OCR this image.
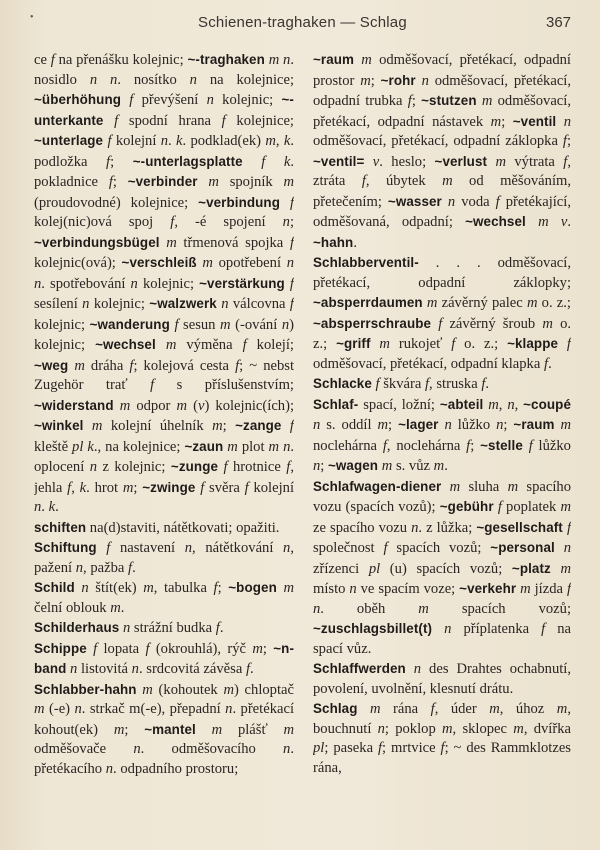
•	Schienen-traghaken — Schlag	367

ce f na přenášku kolejnic; ~-traghaken m n. nosidlo n n. nosítko n na kolejnice; ~überhöhung f převýšení n kolejnic; ~-unterkante f spodní hrana f kolejnice; ~unterlage f kolejní n. k. podklad(ek) m, k. podložka f; ~-unterlagsplatte f k. pokladnice f; ~verbinder m spojník m (proudovodné) kolejnice; ~verbindung f kolej(nic)ová spoj f, -é spojení n; ~verbindungsbügel m třmenová spojka f kolejnic(ová); ~verschleiß m opotřebení n n. spotřebování n kolejnic; ~verstärkung f sesílení n kolejnic; ~walzwerk n válcovna f kolejnic; ~wanderung f sesun m (-ování n) kolejnic; ~wechsel m výměna f kolejí; ~weg m dráha f; kolejová cesta f; ~ nebst Zugehör trať f s příslušenstvím; ~widerstand m odpor m (v) kolejnic(ích); ~winkel m kolejní úhelník m; ~zange f kleště pl k., na kolejnice; ~zaun m plot m n. oplocení n z kolejnic; ~zunge f hrotnice f, jehla f, k. hrot m; ~zwinge f svěra f kolejní n. k.

schiften na(d)staviti, nátětkovati; opažiti.

Schiftung f nastavení n, nátětkování n, pažení n, pažba f.

Schild n štít(ek) m, tabulka f; ~bogen m čelní oblouk m.

Schilderhaus n strážní budka f.

Schippe f lopata f (okrouhlá), rýč m; ~n-band n listovitá n. srdcovitá závěsa f.

Schlabber-hahn m (kohoutek m) chloptač m (-e) n. strkač m(-e), přepadní n. přetékací kohout(ek) m; ~mantel m plášť m odměšovače n. odměšovacího n. přetékacího n. odpadního prostoru;

~raum m odměšovací, přetékací, odpadní prostor m; ~rohr n odměšovací, přetékací, odpadní trubka f; ~stutzen m odměšovací, přetékací, odpadní nástavek m; ~ventil n odměšovací, přetékací, odpadní záklopka f; ~ventil= v. heslo; ~verlust m výtrata f, ztráta f, úbytek m od měšováním, přetečením; ~wasser n voda f přetékající, odměšovaná, odpadní; ~wechsel m v. ~hahn.

Schlabberventil- . . . odměšovací, přetékací, odpadní záklopky; ~absperrdaumen m závěrný palec m o. z.; ~absperrschraube f závěrný šroub m o. z.; ~griff m rukojeť f o. z.; ~klappe f odměšovací, přetékací, odpadní klapka f.

Schlacke f škvára f, struska f.

Schlaf- spací, ložní; ~abteil m, n, ~coupé n s. oddíl m; ~lager n lůžko n; ~raum m noclehárna f, noclehárna f; ~stelle f lůžko n; ~wagen m s. vůz m.

Schlafwagen-diener m sluha m spacího vozu (spacích vozů); ~gebühr f poplatek m ze spacího vozu n. z lůžka; ~gesellschaft f společnost f spacích vozů; ~personal n zřízenci pl (u) spacích vozů; ~platz m místo n ve spacím voze; ~verkehr m jízda f n. oběh m spacích vozů; ~zuschlagsbillet(t) n příplatenka f na spací vůz.

Schlaffwerden n des Drahtes ochabnutí, povolení, uvolnění, klesnutí drátu.

Schlag m rána f, úder m, úhoz m, bouchnutí n; poklop m, sklopec m, dvířka pl; paseka f; mrtvice f; ~ des Rammklotzes rána,
